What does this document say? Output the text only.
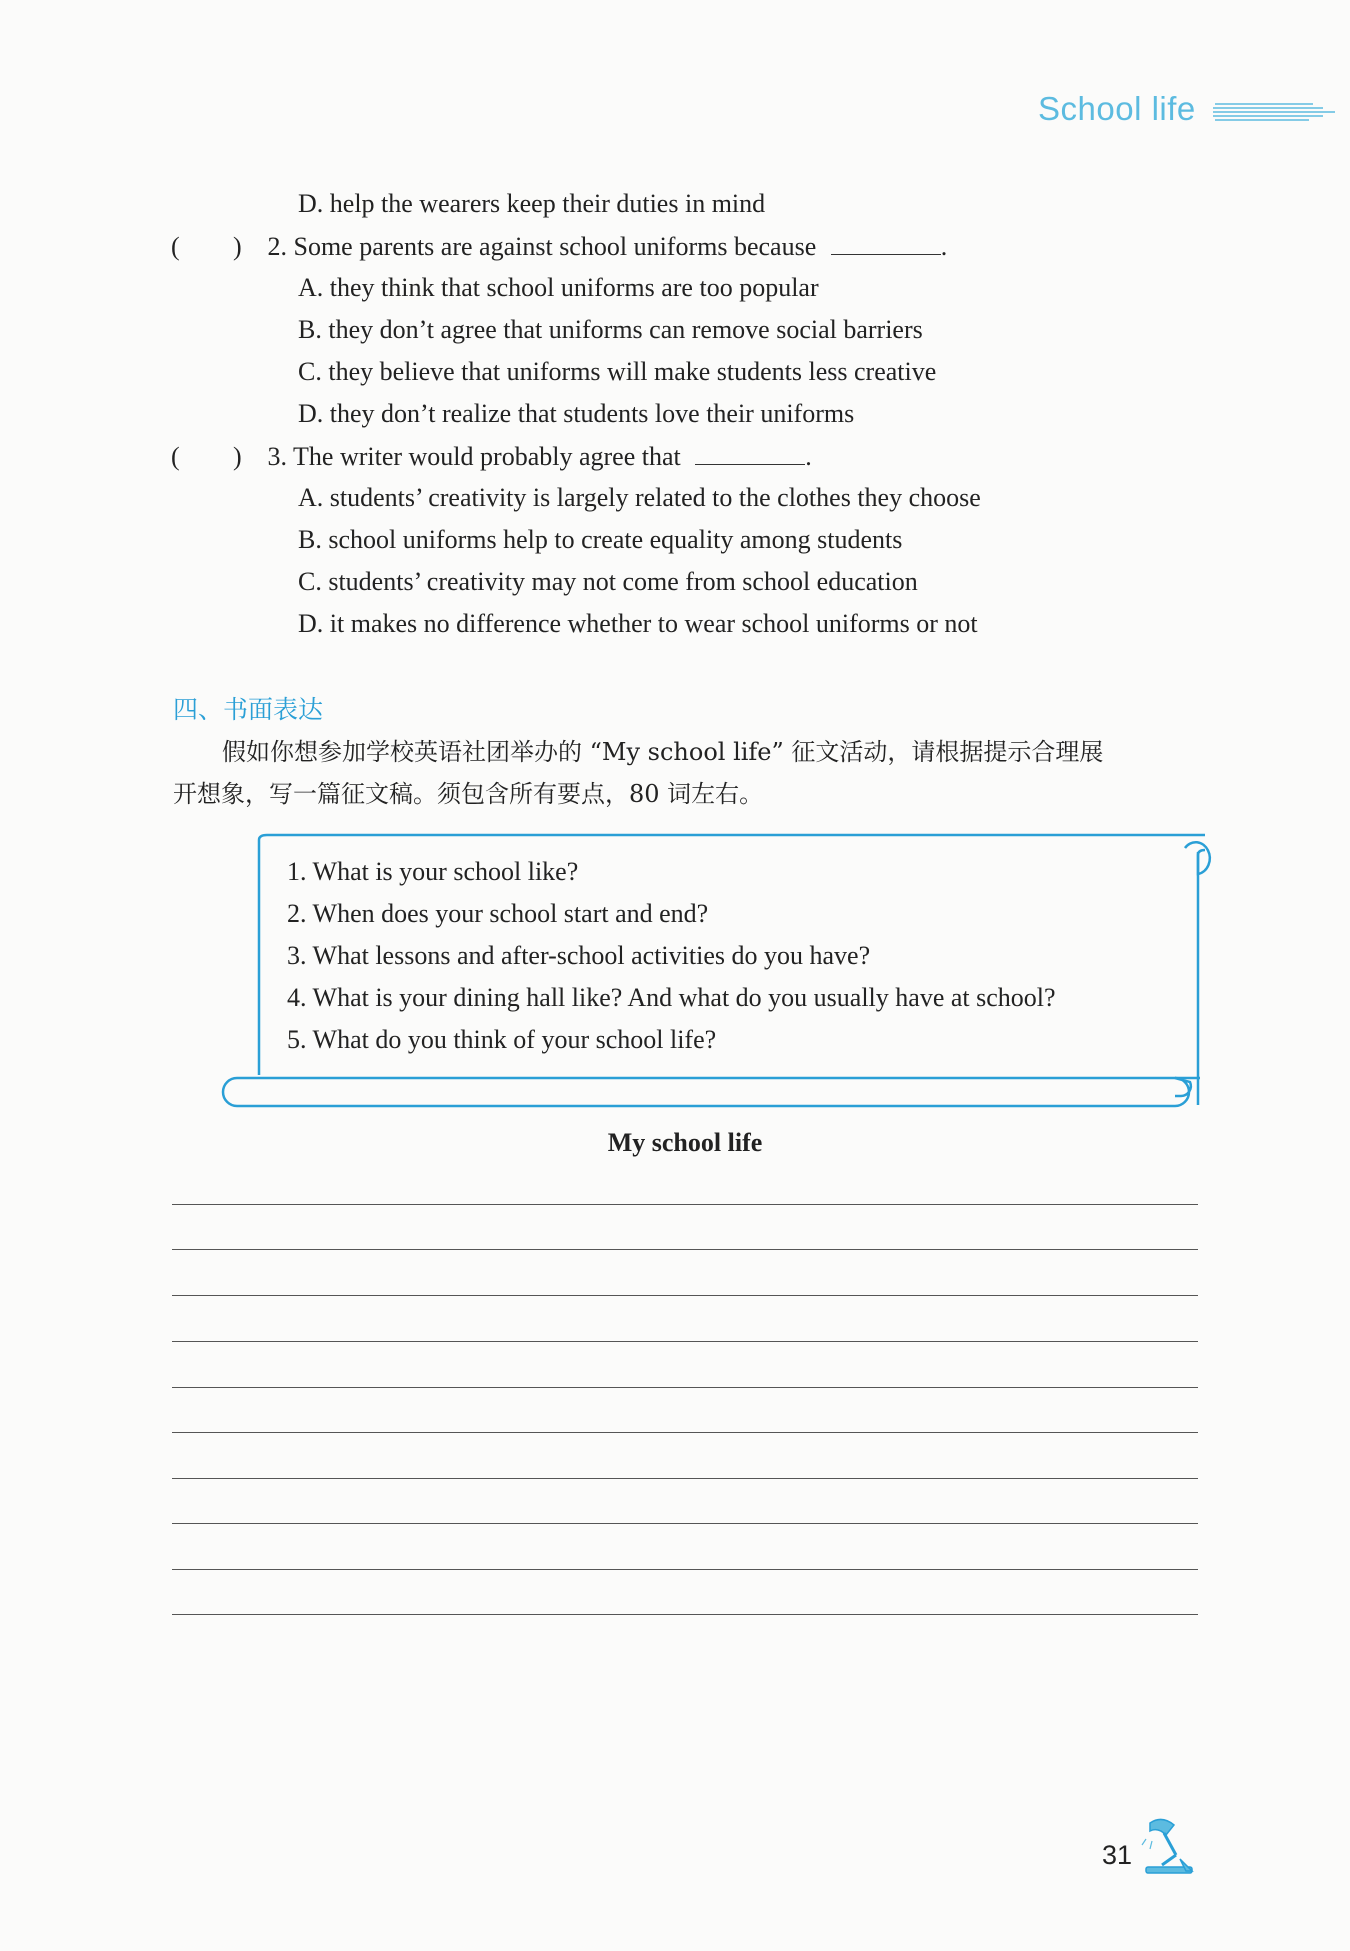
School life
D. help the wearers keep their duties in mind
( ) 2. Some parents are against school uniforms because	.
A. they think that school uniforms are too popular
B. they don’t agree that uniforms can remove social barriers
C. they believe that uniforms will make students less creative
D. they don’t realize that students love their uniforms
( ) 3. The writer would probably agree that	.
A. students’ creativity is largely related to the clothes they choose
B. school uniforms help to create equality among students
C. students’ creativity may not come from school education
D. it makes no difference whether to wear school uniforms or not
四、书面表达
假如你想参加学校英语社团举办的 “My school life” 征文活动，请根据提示合理展
开想象，写一篇征文稿。须包含所有要点，80 词左右。
1. What is your school like?
2. When does your school start and end?
3. What lessons and after-school activities do you have?
4. What is your dining hall like? And what do you usually have at school?
5. What do you think of your school life?
My school life
31
